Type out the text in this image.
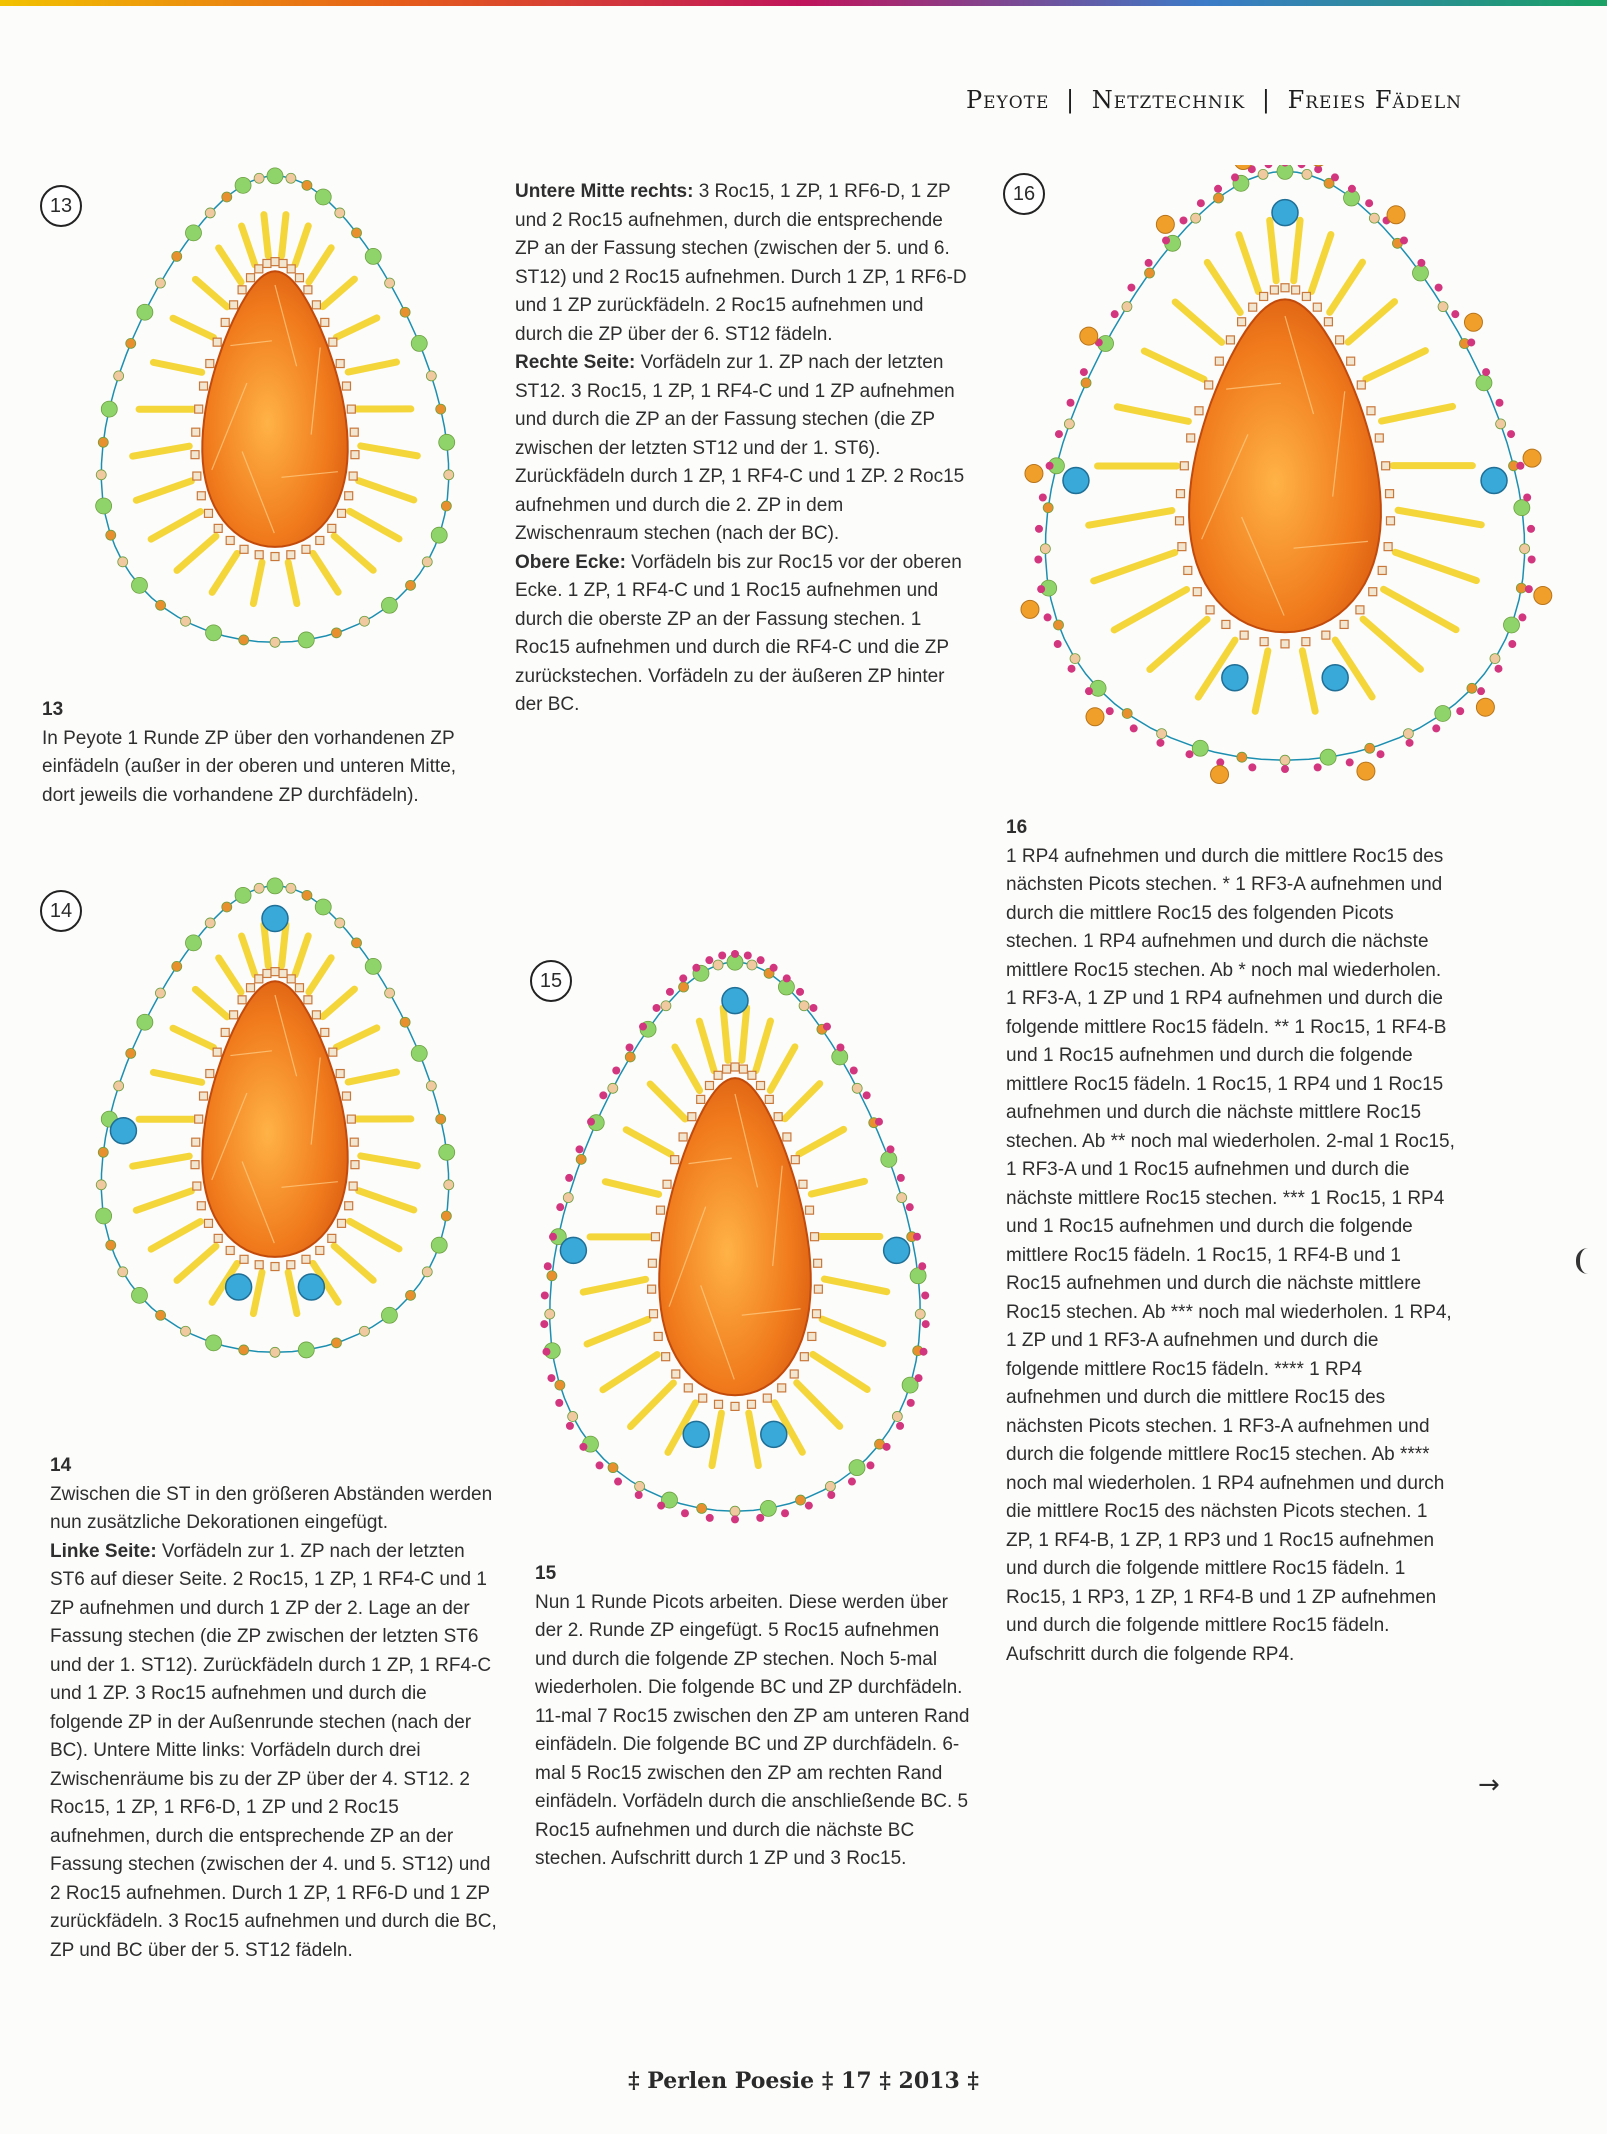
Peyote | Netztechnik | Freies Fädeln
13
14
15
16

13

In Peyote 1 Runde ZP über den vorhandenen ZP einfädeln (außer in der oberen und unteren Mitte, dort jeweils die vorhandene ZP durchfädeln).

Untere Mitte rechts: 3 Roc15, 1 ZP, 1 RF6-D, 1 ZP und 2 Roc15 aufnehmen, durch die entsprechende ZP an der Fassung stechen (zwischen der 5. und 6. ST12) und 2 Roc15 aufnehmen. Durch 1 ZP, 1 RF6-D und 1 ZP zurückfädeln. 2 Roc15 aufnehmen und durch die ZP über der 6. ST12 fädeln.

Rechte Seite: Vorfädeln zur 1. ZP nach der letzten ST12. 3 Roc15, 1 ZP, 1 RF4-C und 1 ZP aufnehmen und durch die ZP an der Fassung stechen (die ZP zwischen der letzten ST12 und der 1. ST6). Zurückfädeln durch 1 ZP, 1 RF4-C und 1 ZP. 2 Roc15 aufnehmen und durch die 2. ZP in dem Zwischenraum stechen (nach der BC).

Obere Ecke: Vorfädeln bis zur Roc15 vor der oberen Ecke. 1 ZP, 1 RF4-C und 1 Roc15 aufnehmen und durch die oberste ZP an der Fassung stechen. 1 Roc15 aufnehmen und durch die RF4-C und die ZP zurückstechen. Vorfädeln zu der äußeren ZP hinter der BC.

14

Zwischen die ST in den größeren Abständen werden nun zusätzliche Dekorationen eingefügt.

Linke Seite: Vorfädeln zur 1. ZP nach der letzten ST6 auf dieser Seite. 2 Roc15, 1 ZP, 1 RF4-C und 1 ZP aufnehmen und durch 1 ZP der 2. Lage an der Fassung stechen (die ZP zwischen der letzten ST6 und der 1. ST12). Zurückfädeln durch 1 ZP, 1 RF4-C und 1 ZP. 3 Roc15 aufnehmen und durch die folgende ZP in der Außenrunde stechen (nach der BC). Untere Mitte links: Vorfädeln durch drei Zwischenräume bis zu der ZP über der 4. ST12. 2 Roc15, 1 ZP, 1 RF6-D, 1 ZP und 2 Roc15 aufnehmen, durch die entsprechende ZP an der Fassung stechen (zwischen der 4. und 5. ST12) und 2 Roc15 aufnehmen. Durch 1 ZP, 1 RF6-D und 1 ZP zurückfädeln. 3 Roc15 aufnehmen und durch die BC, ZP und BC über der 5. ST12 fädeln.

15

Nun 1 Runde Picots arbeiten. Diese werden über der 2. Runde ZP eingefügt. 5 Roc15 aufnehmen und durch die folgende ZP stechen. Noch 5-mal wiederholen. Die folgende BC und ZP durchfädeln. 11-mal 7 Roc15 zwischen den ZP am unteren Rand einfädeln. Die folgende BC und ZP durchfädeln. 6-mal 5 Roc15 zwischen den ZP am rechten Rand einfädeln. Vorfädeln durch die anschließende BC. 5 Roc15 aufnehmen und durch die nächste BC stechen. Aufschritt durch 1 ZP und 3 Roc15.

16

1 RP4 aufnehmen und durch die mittlere Roc15 des nächsten Picots stechen. * 1 RF3-A aufnehmen und durch die mittlere Roc15 des folgenden Picots stechen. 1 RP4 aufnehmen und durch die nächste mittlere Roc15 stechen. Ab * noch mal wiederholen. 1 RF3-A, 1 ZP und 1 RP4 aufnehmen und durch die folgende mittlere Roc15 fädeln. ** 1 Roc15, 1 RF4-B und 1 Roc15 aufnehmen und durch die folgende mittlere Roc15 fädeln. 1 Roc15, 1 RP4 und 1 Roc15 aufnehmen und durch die nächste mittlere Roc15 stechen. Ab ** noch mal wiederholen. 2-mal 1 Roc15, 1 RF3-A und 1 Roc15 aufnehmen und durch die nächste mittlere Roc15 stechen. *** 1 Roc15, 1 RP4 und 1 Roc15 aufnehmen und durch die folgende mittlere Roc15 fädeln. 1 Roc15, 1 RF4-B und 1 Roc15 aufnehmen und durch die nächste mittlere Roc15 stechen. Ab *** noch mal wiederholen. 1 RP4, 1 ZP und 1 RF3-A aufnehmen und durch die folgende mittlere Roc15 fädeln. **** 1 RP4 aufnehmen und durch die mittlere Roc15 des nächsten Picots stechen. 1 RF3-A aufnehmen und durch die folgende mittlere Roc15 stechen. Ab **** noch mal wiederholen. 1 RP4 aufnehmen und durch die mittlere Roc15 des nächsten Picots stechen. 1 ZP, 1 RF4-B, 1 ZP, 1 RP3 und 1 Roc15 aufnehmen und durch die folgende mittlere Roc15 fädeln. 1 Roc15, 1 RP3, 1 ZP, 1 RF4-B und 1 ZP aufnehmen und durch die folgende mittlere Roc15 fädeln. Aufschritt durch die folgende RP4.

→
‡ Perlen Poesie ‡ 17 ‡ 2013 ‡
